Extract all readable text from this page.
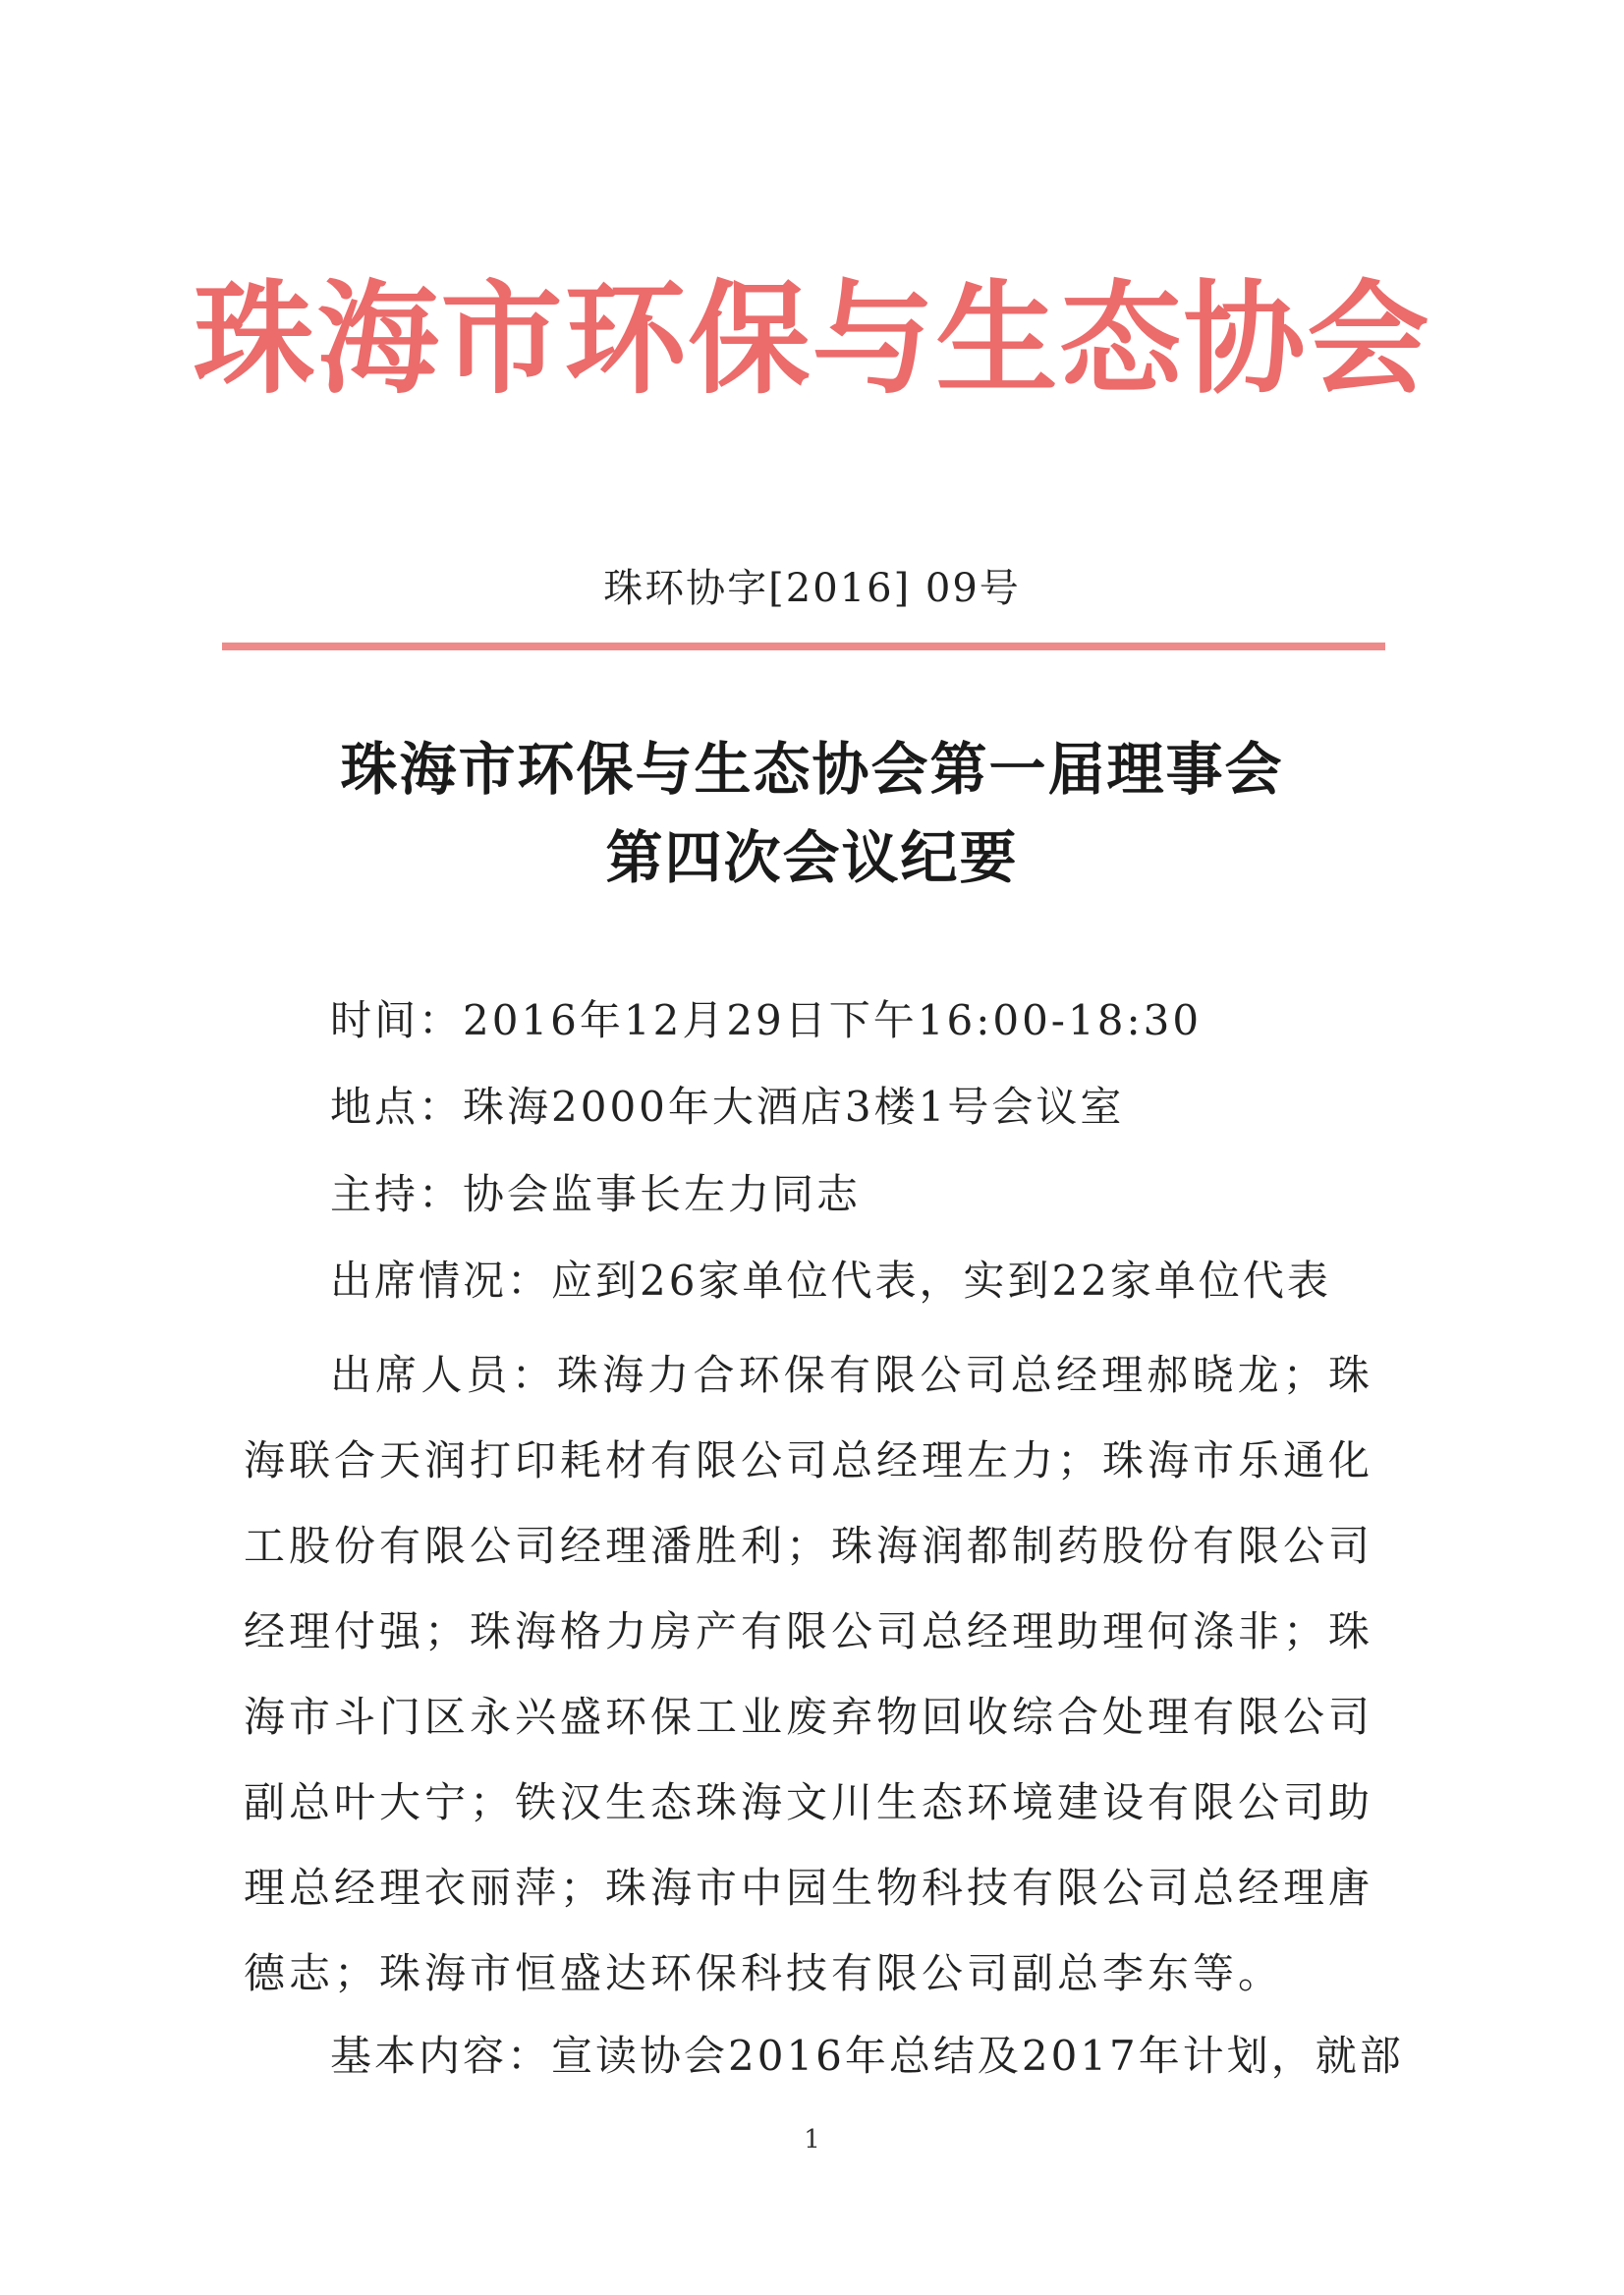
珠海市环保与生态协会
珠环协字[2016] 09号
珠海市环保与生态协会第一届理事会
第四次会议纪要
时间：2016年12月29日下午16:00-18:30
地点：珠海2000年大酒店3楼1号会议室
主持：协会监事长左力同志
出席情况：应到26家单位代表，实到22家单位代表
出席人员：珠海力合环保有限公司总经理郝晓龙；珠海联合天润打印耗材有限公司总经理左力；珠海市乐通化工股份有限公司经理潘胜利；珠海润都制药股份有限公司经理付强；珠海格力房产有限公司总经理助理何涤非；珠海市斗门区永兴盛环保工业废弃物回收综合处理有限公司副总叶大宁；铁汉生态珠海文川生态环境建设有限公司助理总经理衣丽萍；珠海市中园生物科技有限公司总经理唐德志；珠海市恒盛达环保科技有限公司副总李东等。
基本内容：宣读协会2016年总结及2017年计划，就部
1
